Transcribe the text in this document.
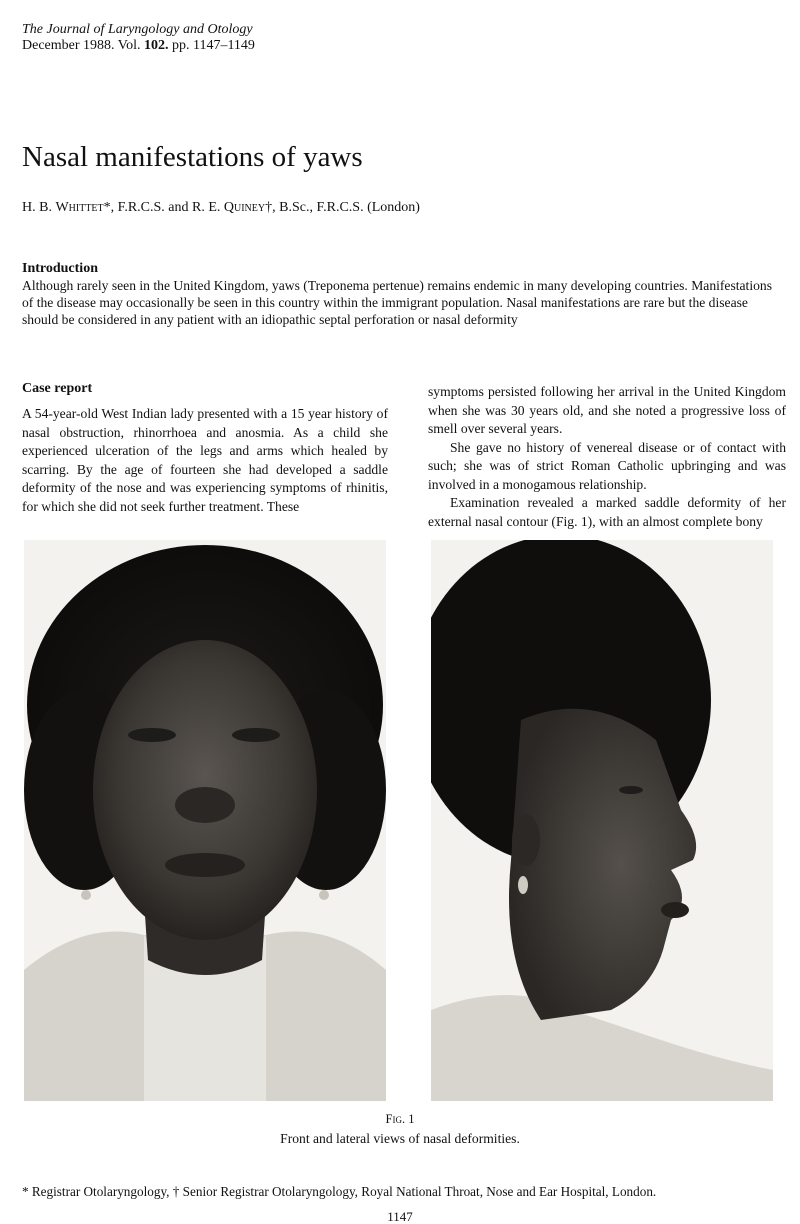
The Journal of Laryngology and Otology
December 1988. Vol. 102. pp. 1147–1149
Nasal manifestations of yaws
H. B. Whittet*, F.R.C.S. and R. E. Quiney†, B.Sc., F.R.C.S. (London)
Introduction
Although rarely seen in the United Kingdom, yaws (Treponema pertenue) remains endemic in many developing countries. Manifestations of the disease may occasionally be seen in this country within the immigrant population. Nasal manifestations are rare but the disease should be considered in any patient with an idiopathic septal perforation or nasal deformity
Case report

A 54-year-old West Indian lady presented with a 15 year history of nasal obstruction, rhinorrhoea and anosmia. As a child she experienced ulceration of the legs and arms which healed by scarring. By the age of fourteen she had developed a saddle deformity of the nose and was experiencing symptoms of rhinitis, for which she did not seek further treatment. These

symptoms persisted following her arrival in the United Kingdom when she was 30 years old, and she noted a progressive loss of smell over several years.

She gave no history of venereal disease or of contact with such; she was of strict Roman Catholic upbringing and was involved in a monogamous relationship.

Examination revealed a marked saddle deformity of her external nasal contour (Fig. 1), with an almost complete bony

Fig. 1
Front and lateral views of nasal deformities.
* Registrar Otolaryngology, † Senior Registrar Otolaryngology, Royal National Throat, Nose and Ear Hospital, London.
1147
